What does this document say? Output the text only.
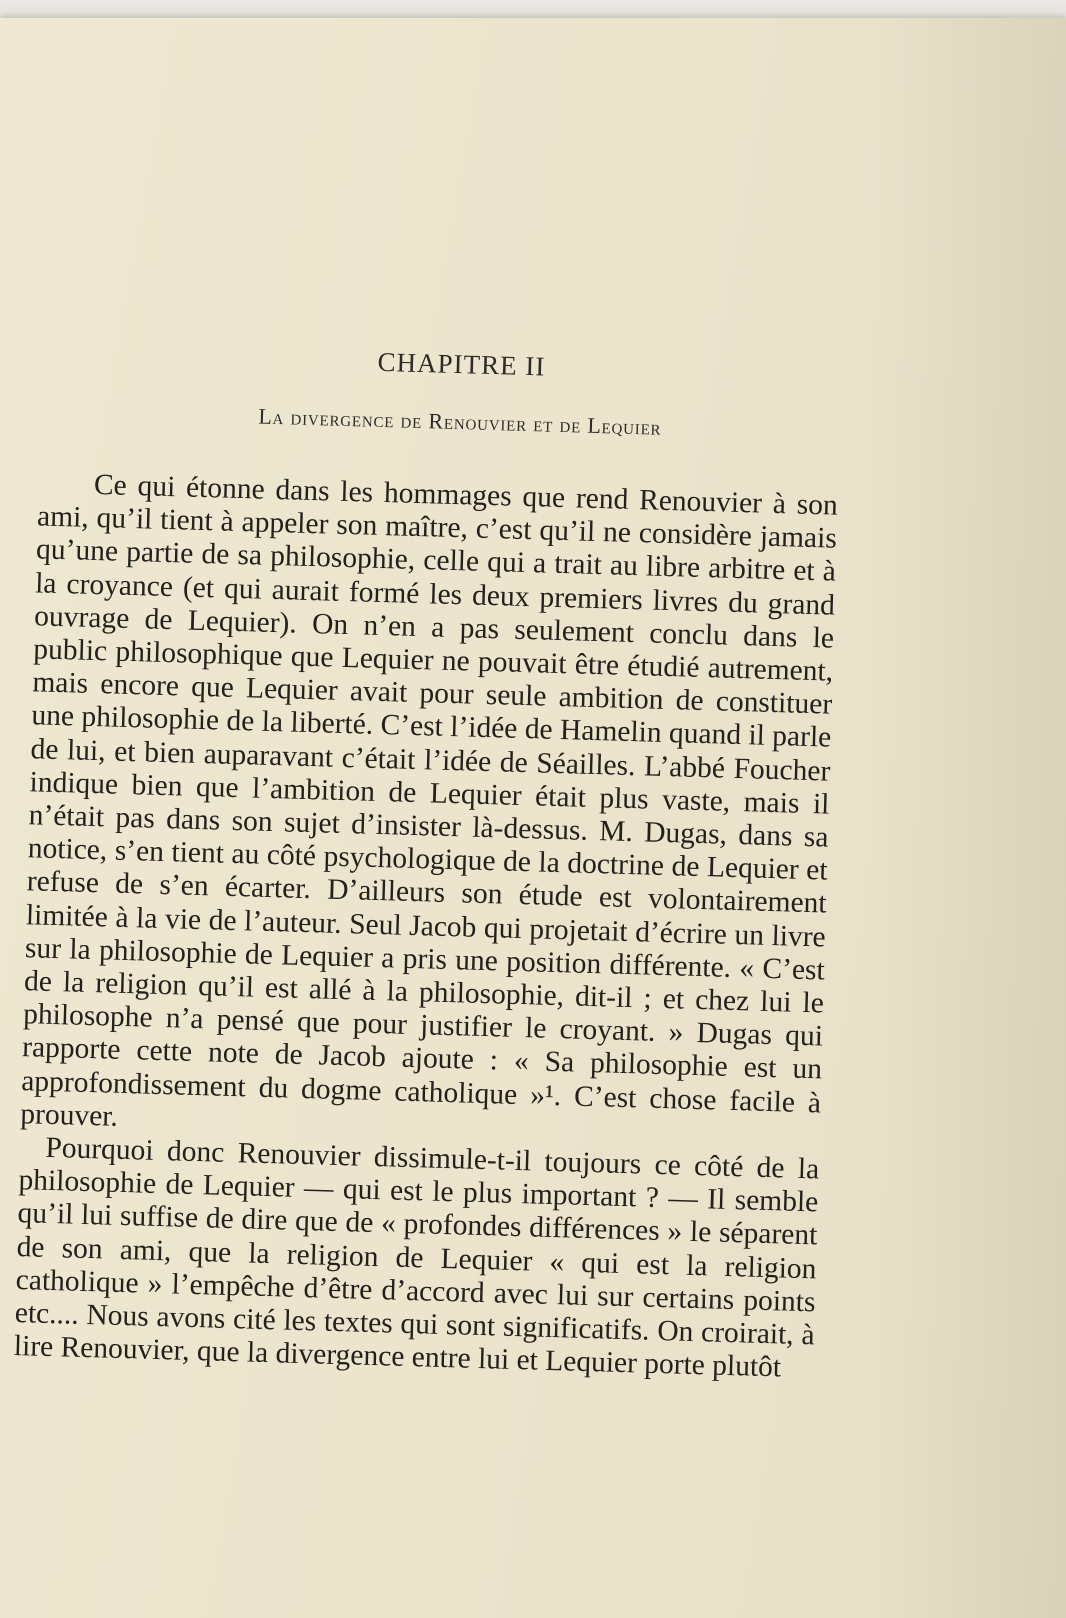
CHAPITRE II
La divergence de Renouvier et de Lequier

Ce qui étonne dans les hommages que rend Renouvier à son ami, qu’il tient à appeler son maître, c’est qu’il ne considère jamais qu’une partie de sa philosophie, celle qui a trait au libre arbitre et à la croyance (et qui aurait formé les deux premiers livres du grand ouvrage de Lequier). On n’en a pas seulement conclu dans le public philosophique que Lequier ne pouvait être étudié autrement, mais encore que Lequier avait pour seule ambition de constituer une philosophie de la liberté. C’est l’idée de Hamelin quand il parle de lui, et bien auparavant c’était l’idée de Séailles. L’abbé Foucher indique bien que l’ambition de Lequier était plus vaste, mais il n’était pas dans son sujet d’insister là-dessus. M. Dugas, dans sa notice, s’en tient au côté psychologique de la doctrine de Lequier et refuse de s’en écarter. D’ailleurs son étude est volontairement limitée à la vie de l’auteur. Seul Jacob qui projetait d’écrire un livre sur la philosophie de Lequier a pris une position différente. « C’est de la religion qu’il est allé à la philosophie, dit-il ; et chez lui le philosophe n’a pensé que pour justifier le croyant. » Dugas qui rapporte cette note de Jacob ajoute : « Sa philosophie est un approfondissement du dogme catholique »¹. C’est chose facile à prouver.

Pourquoi donc Renouvier dissimule-t-il toujours ce côté de la philosophie de Lequier — qui est le plus important ? — Il semble qu’il lui suffise de dire que de « profondes différences » le séparent de son ami, que la religion de Lequier « qui est la religion catholique » l’empêche d’être d’accord avec lui sur certains points etc.... Nous avons cité les textes qui sont significatifs. On croirait, à lire Renouvier, que la divergence entre lui et Lequier porte plutôt
